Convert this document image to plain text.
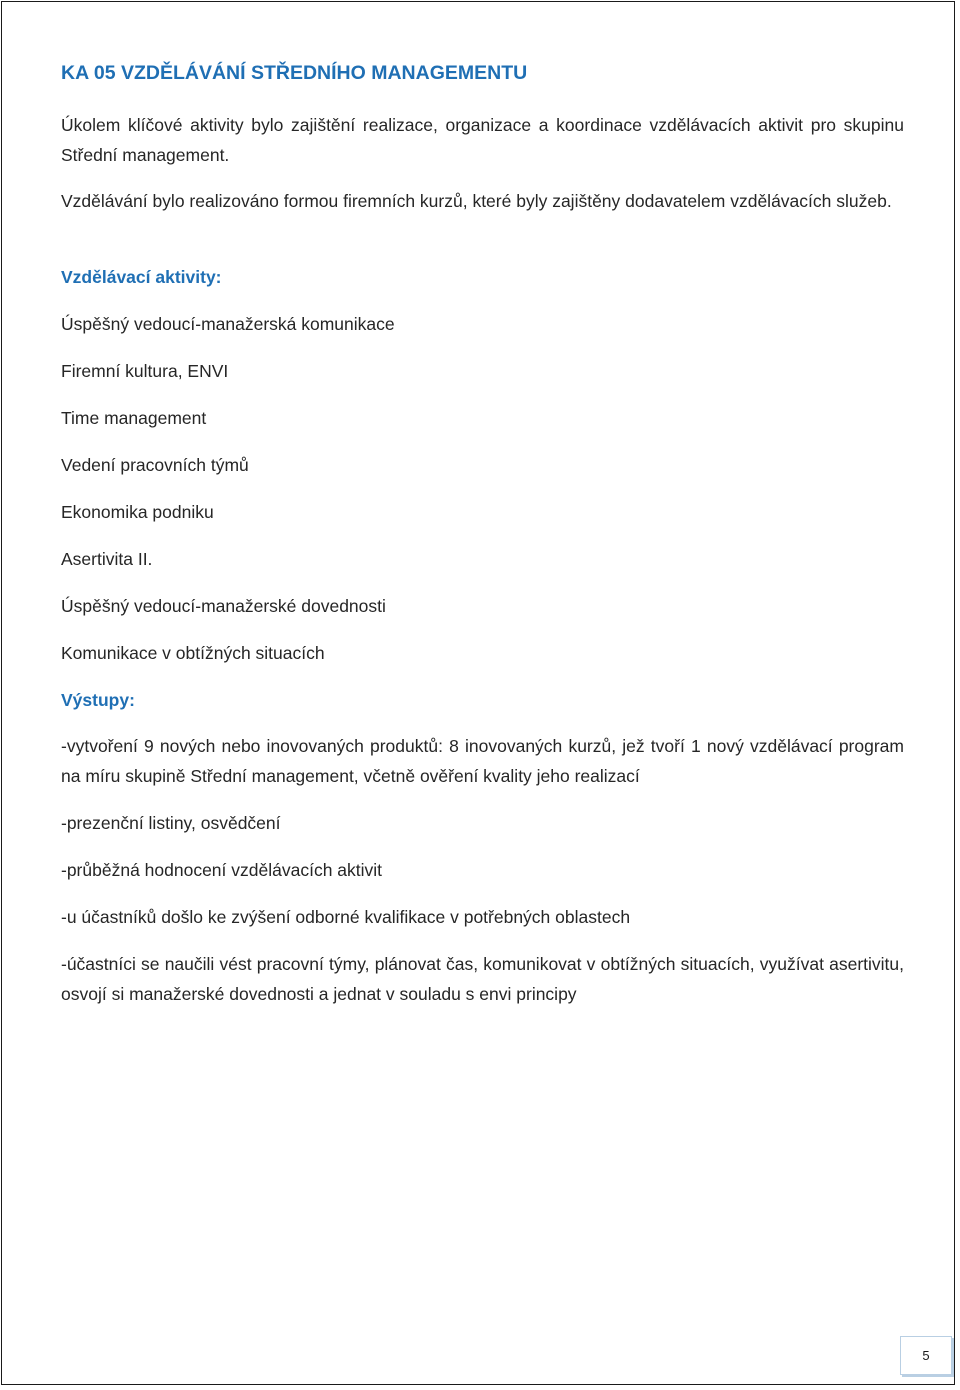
KA 05 VZDĚLÁVÁNÍ STŘEDNÍHO MANAGEMENTU

Úkolem klíčové aktivity bylo zajištění realizace, organizace a koordinace vzdělávacích aktivit pro skupinu Střední management.

Vzdělávání bylo realizováno formou firemních kurzů, které byly zajištěny dodavatelem vzdělávacích služeb.

Vzdělávací aktivity:

Úspěšný vedoucí-manažerská komunikace

Firemní kultura, ENVI

Time management

Vedení pracovních týmů

Ekonomika podniku

Asertivita II.

Úspěšný vedoucí-manažerské dovednosti

Komunikace v obtížných situacích

Výstupy:

-vytvoření 9 nových nebo inovovaných produktů: 8 inovovaných kurzů, jež tvoří 1 nový vzdělávací program na míru skupině Střední management, včetně ověření kvality jeho realizací

-prezenční listiny, osvědčení

-průběžná hodnocení vzdělávacích aktivit

-u účastníků došlo ke zvýšení odborné kvalifikace v potřebných oblastech

-účastníci se naučili vést pracovní týmy, plánovat čas, komunikovat v obtížných situacích, využívat asertivitu, osvojí si manažerské dovednosti a jednat v souladu s envi principy

5
